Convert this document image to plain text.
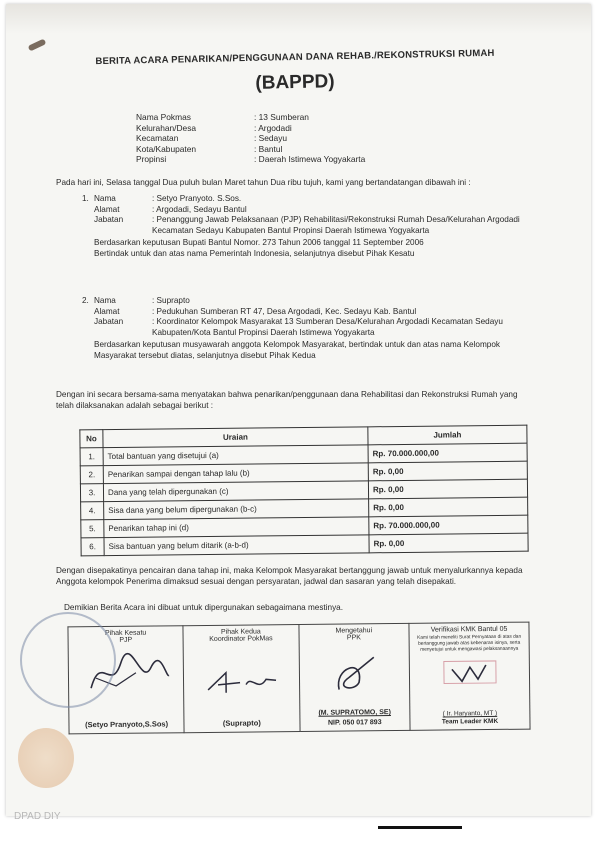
BERITA ACARA PENARIKAN/PENGGUNAAN DANA REHAB./REKONSTRUKSI RUMAH
(BAPPD)
Nama Pokmas	: 13 Sumberan
Kelurahan/Desa	: Argodadi
Kecamatan	: Sedayu
Kota/Kabupaten	: Bantul
Propinsi	: Daerah Istimewa Yogyakarta
Pada hari ini, Selasa tanggal Dua puluh bulan Maret tahun Dua ribu tujuh, kami yang bertandatangan dibawah ini :
1. Nama	: Setyo Pranyoto. S.Sos.
Alamat	: Argodadi, Sedayu Bantul
Jabatan	: Penanggung Jawab Pelaksanaan (PJP) Rehabilitasi/Rekonstruksi Rumah Desa/Kelurahan Argodadi Kecamatan Sedayu Kabupaten Bantul Propinsi Daerah Istimewa Yogyakarta
Berdasarkan keputusan Bupati Bantul Nomor. 273 Tahun 2006 tanggal 11 September 2006
Bertindak untuk dan atas nama Pemerintah Indonesia, selanjutnya disebut Pihak Kesatu
2. Nama	: Suprapto
Alamat	: Pedukuhan Sumberan RT 47, Desa Argodadi, Kec. Sedayu Kab. Bantul
Jabatan	: Koordinator Kelompok Masyarakat 13 Sumberan Desa/Kelurahan Argodadi Kecamatan Sedayu Kabupaten/Kota Bantul Propinsi Daerah Istimewa Yogyakarta
Berdasarkan keputusan musyawarah anggota Kelompok Masyarakat, bertindak untuk dan atas nama Kelompok Masyarakat tersebut diatas, selanjutnya disebut Pihak Kedua
Dengan ini secara bersama-sama menyatakan bahwa penarikan/penggunaan dana Rehabilitasi dan Rekonstruksi Rumah yang telah dilaksanakan adalah sebagai berikut :
No	Uraian	Jumlah
1.	Total bantuan yang disetujui (a)	Rp. 70.000.000,00
2.	Penarikan sampai dengan tahap lalu (b)	Rp. 0,00
3.	Dana yang telah dipergunakan (c)	Rp. 0,00
4.	Sisa dana yang belum dipergunakan (b-c)	Rp. 0,00
5.	Penarikan tahap ini (d)	Rp. 70.000.000,00
6.	Sisa bantuan yang belum ditarik (a-b-d)	Rp. 0,00
Dengan disepakatinya pencairan dana tahap ini, maka Kelompok Masyarakat bertanggung jawab untuk menyalurkannya kepada Anggota kelompok Penerima dimaksud sesuai dengan persyaratan, jadwal dan sasaran yang telah disepakati.
Demikian Berita Acara ini dibuat untuk dipergunakan sebagaimana mestinya.
Pihak Kesatu
PJP
(Setyo Pranyoto,S.Sos)

Pihak Kedua
Koordinator PokMas
(Suprapto)

Mengetahui
PPK
(M. SUPRATOMO, SE)
NIP. 050 017 893

Verifikasi KMK Bantul 05
Kami telah meneliti Surat Pernyataan di atas dan bertanggung jawab atas kebenaran isinya, serta menyetujui untuk mengawasi pelaksanaannya
( Ir. Haryanto, MT )
Team Leader KMK
DPAD DIY
